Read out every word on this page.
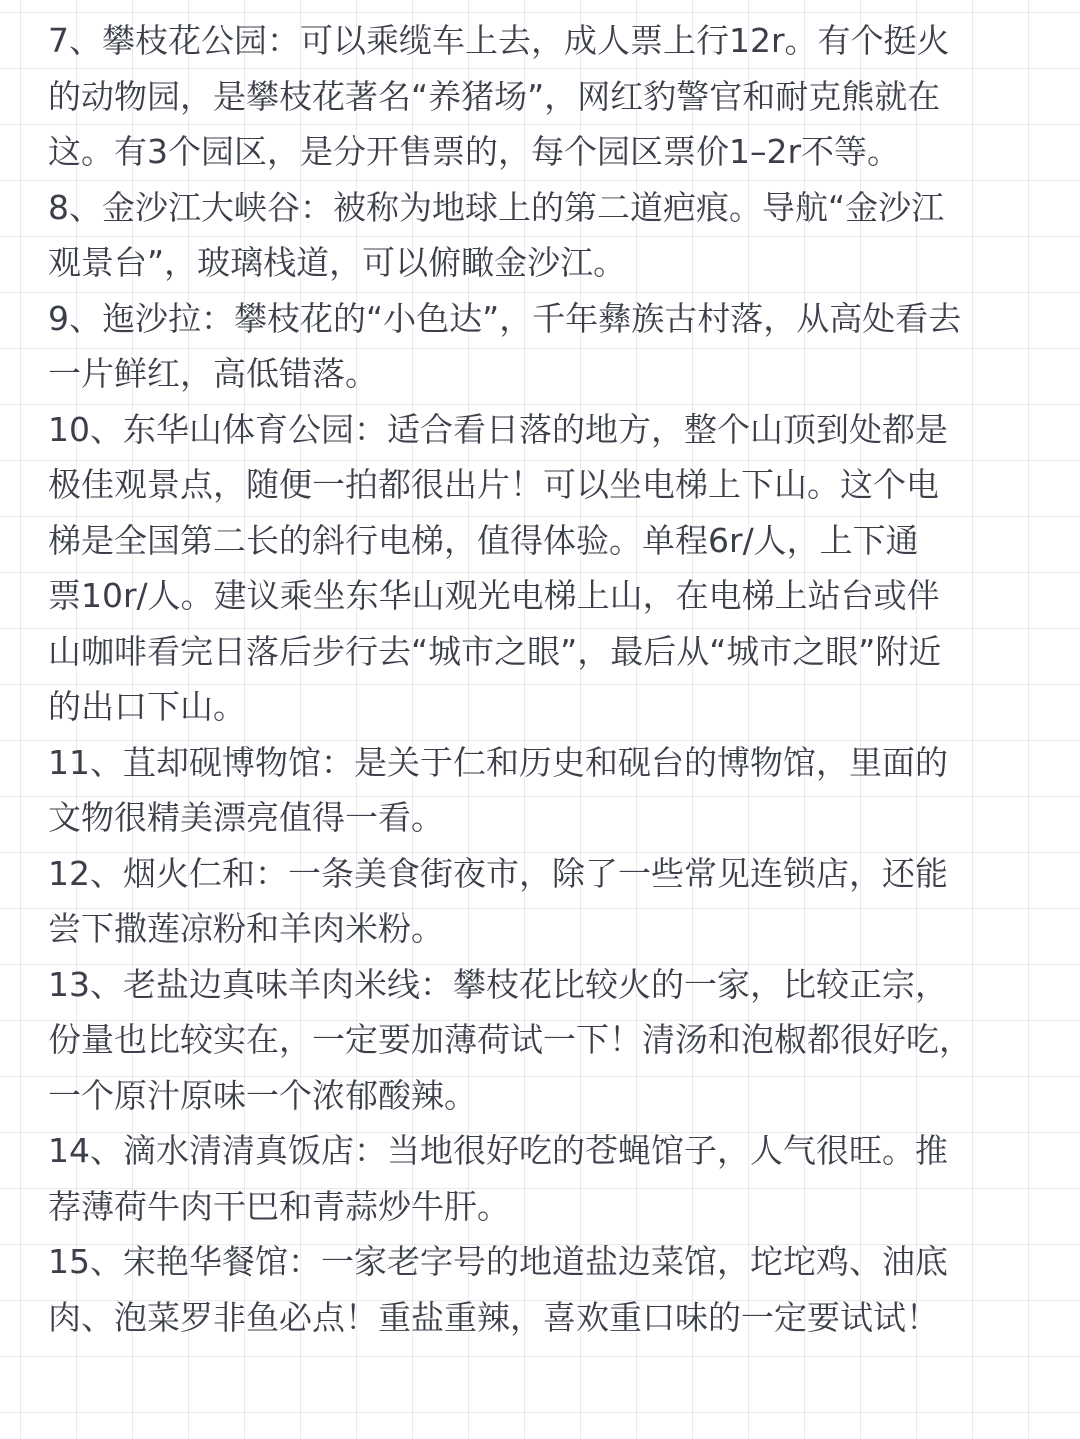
7、攀枝花公园：可以乘缆车上去，成人票上行12r。有个挺火
的动物园，是攀枝花著名“养猪场”，网红豹警官和耐克熊就在
这。有3个园区，是分开售票的，每个园区票价1–2r不等。
8、金沙江大峡谷：被称为地球上的第二道疤痕。导航“金沙江
观景台”，玻璃栈道，可以俯瞰金沙江。
9、迤沙拉：攀枝花的“小色达”，千年彝族古村落，从高处看去
一片鲜红，高低错落。
10、东华山体育公园：适合看日落的地方，整个山顶到处都是
极佳观景点，随便一拍都很出片！可以坐电梯上下山。这个电
梯是全国第二长的斜行电梯，值得体验。单程6r/人，上下通
票10r/人。建议乘坐东华山观光电梯上山，在电梯上站台或伴
山咖啡看完日落后步行去“城市之眼”，最后从“城市之眼”附近
的出口下山。
11、苴却砚博物馆：是关于仁和历史和砚台的博物馆，里面的
文物很精美漂亮值得一看。
12、烟火仁和：一条美食街夜市，除了一些常见连锁店，还能
尝下撒莲凉粉和羊肉米粉。
13、老盐边真味羊肉米线：攀枝花比较火的一家，比较正宗，
份量也比较实在，一定要加薄荷试一下！清汤和泡椒都很好吃，
一个原汁原味一个浓郁酸辣。
14、滴水清清真饭店：当地很好吃的苍蝇馆子，人气很旺。推
荐薄荷牛肉干巴和青蒜炒牛肝。
15、宋艳华餐馆：一家老字号的地道盐边菜馆，坨坨鸡、油底
肉、泡菜罗非鱼必点！重盐重辣，喜欢重口味的一定要试试！
